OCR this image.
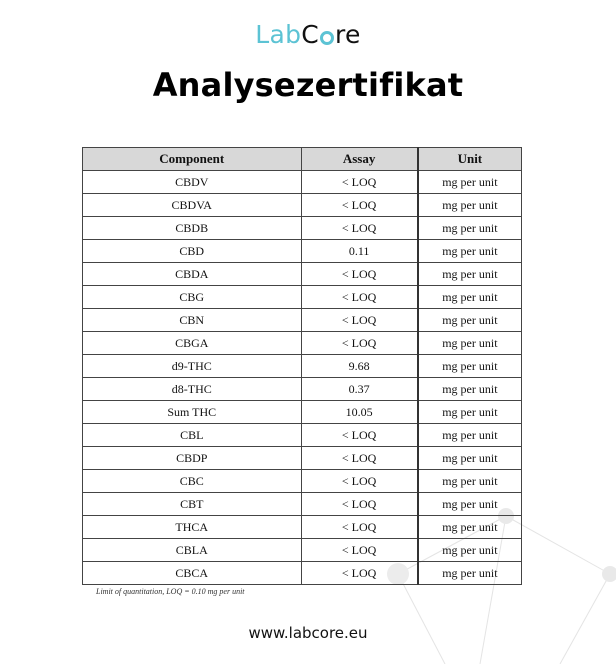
LabC re
Analysezertifikat
Component	Assay	Unit
CBDV	< LOQ	mg per unit
CBDVA	< LOQ	mg per unit
CBDB	< LOQ	mg per unit
CBD	0.11	mg per unit
CBDA	< LOQ	mg per unit
CBG	< LOQ	mg per unit
CBN	< LOQ	mg per unit
CBGA	< LOQ	mg per unit
d9-THC	9.68	mg per unit
d8-THC	0.37	mg per unit
Sum THC	10.05	mg per unit
CBL	< LOQ	mg per unit
CBDP	< LOQ	mg per unit
CBC	< LOQ	mg per unit
CBT	< LOQ	mg per unit
THCA	< LOQ	mg per unit
CBLA	< LOQ	mg per unit
CBCA	< LOQ	mg per unit
Limit of quantitation, LOQ = 0.10 mg per unit
www.labcore.eu
